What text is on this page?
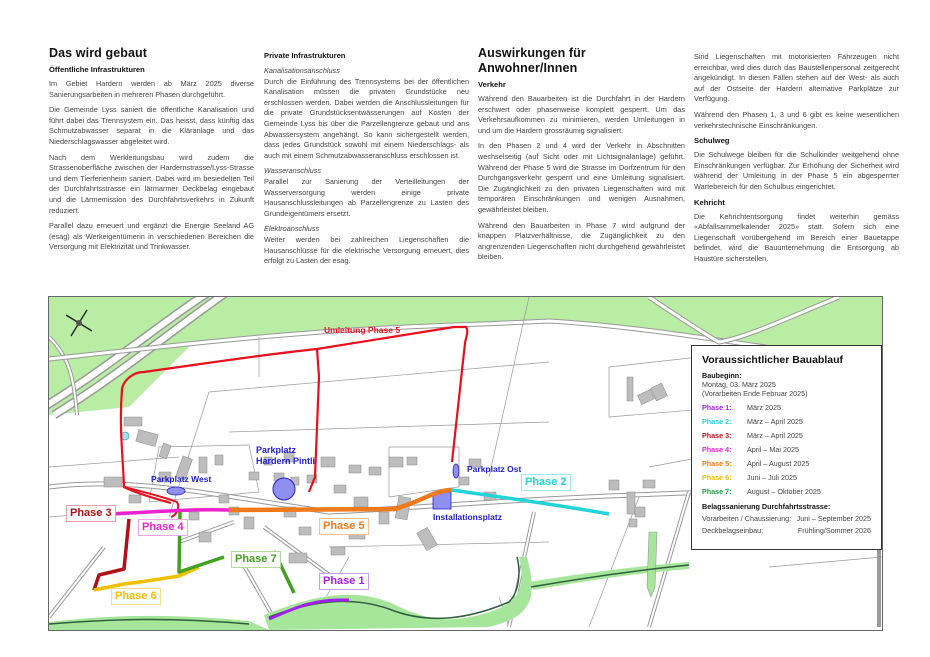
Das wird gebaut
Öffentliche Infrastrukturen

Im Gebiet Hardern werden ab März 2025 diverse Sanierungsarbeiten in mehreren Phasen durchgeführt.

Die Gemeinde Lyss saniert die öffentliche Kanalisation und führt dabei das Trennsystem ein. Das heisst, dass künftig das Schmutzabwasser separat in die Kläranlage und das Niederschlagswasser abgeleitet wird.

Nach dem Werkleitungsbau wird zudem die Strassenoberfläche zwischen der Hardernstrasse/Lyss-Strasse und dem Tierferienheim saniert. Dabei wird im besiedelten Teil der Durchfahrtsstrasse ein lärmarmer Deckbelag eingebaut und die Lärmemission des Durchfahrtsverkehrs in Zukunft reduziert.

Parallel dazu erneuert und ergänzt die Energie Seeland AG (esag) als Werkeigentümerin in verschiedenen Bereichen die Versorgung mit Elektrizität und Trinkwasser.

Private Infrastrukturen
Kanalisationsanschluss

Durch die Einführung des Trennsystems bei der öffentlichen Kanalisation müssen die privaten Grundstücke neu erschlossen werden. Dabei werden die Anschlussleitungen für die private Grundstücksentwässerungen auf Kosten der Gemeinde Lyss bis über die Parzellengrenze gebaut und ans Abwassersystem angehängt. So kann sichergestellt werden, dass jedes Grundstück sowohl mit einem Niederschlags- als auch mit einem Schmutzabwasseranschluss erschlossen ist.

Wasseranschluss

Parallel zur Sanierung der Verteilleitungen der Wasserversorgung werden einige private Hausanschlussleitungen ab Parzellengrenze zu Lasten des Grundeigentümers ersetzt.

Elektroanschluss

Weiter werden bei zahlreichen Liegenschaften die Hausanschlüsse für die elektrische Versorgung erneuert, dies erfolgt zu Lasten der esag.

Auswirkungen für Anwohner/Innen
Verkehr

Während den Bauarbeiten ist die Durchfahrt in der Hardern erschwert oder phasenweise komplett gesperrt. Um das Verkehrsaufkommen zu minimieren, werden Umleitungen in und um die Hardern grossräumig signalisiert.

In den Phasen 2 und 4 wird der Verkehr in Abschnitten wechselseitig (auf Sicht oder mit Lichtsignalanlage) geführt. Während der Phase 5 wird die Strasse im Dorfzentrum für den Durchgangsverkehr gesperrt und eine Umleitung signalisiert. Die Zugänglichkeit zu den privaten Liegenschaften wird mit temporären Einschränkungen und wenigen Ausnahmen, gewährleistet bleiben.

Während den Bauarbeiten in Phase 7 wird aufgrund der knappen Platzverhältnisse, die Zugänglichkeit zu den angrenzenden Liegenschaften nicht durchgehend gewährleistet bleiben.

Sind Liegenschaften mit motorisierten Fahrzeugen nicht erreichbar, wird dies durch das Baustellenpersonal zeitgerecht angekündigt. In diesen Fällen stehen auf der West- als auch auf der Ostseite der Hardern alternative Parkplätze zur Verfügung.

Während den Phasen 1, 3 und 6 gibt es keine wesentlichen verkehrstechnische Einschränkungen.

Schulweg

Die Schulwege bleiben für die Schulkinder weitgehend ohne Einschränkungen verfügbar. Zur Erhöhung der Sicherheit wird während der Umleitung in der Phase 5 ein abgesperrter Wartebereich für den Schulbus eingerichtet.

Kehricht

Die Kehrichtentsorgung findet weiterhin gemäss «Abfallsammelkalender 2025» statt. Sofern sich eine Liegenschaft vorübergehend im Bereich einer Bauetappe befindet, wird die Bauunternehmung die Entsorgung ab Haustüre sicherstellen.

Umleitung Phase 5
Parkplatz
Hardern Pintli
Parkplatz West
Parkplatz Ost
Installationsplatz
Phase 1
Phase 2
Phase 3
Phase 4	Phase 5
Phase 6
Phase 7
Voraussichtlicher Bauablauf
Baubeginn:
Montag, 03. März 2025
(Vorarbeiten Ende Februar 2025)
Phase 1:	März 2025
Phase 2:	März – April 2025
Phase 3:	März – April 2025
Phase 4:	April – Mai 2025
Phase 5:	April – August 2025
Phase 6:	Juni – Juli 2025
Phase 7:	August – Oktober 2025
Belagssanierung Durchfahrtsstrasse:
Vorarbeiten / Chaussierung: Juni – September 2025
Deckbelagseinbau:	Frühling/Sommer 2026
